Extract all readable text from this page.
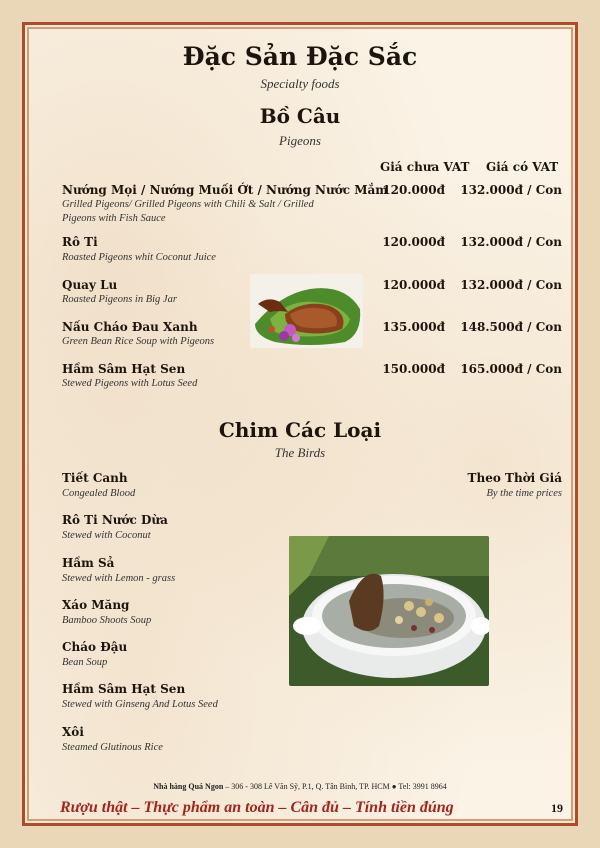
Đặc Sản Đặc Sắc
Specialty foods
Bồ Câu
Pigeons
Giá chưa VAT Giá có VAT
Nướng Mọi / Nướng Muối Ớt / Nướng Nước Mắm
Grilled Pigeons/ Grilled Pigeons with Chili & Salt / Grilled
Pigeons with Fish Sauce
120.000đ 132.000đ / Con
Rô Ti
Roasted Pigeons whit Coconut Juice
120.000đ 132.000đ / Con
Quay Lu
Roasted Pigeons in Big Jar
120.000đ 132.000đ / Con
Nấu Cháo Đau Xanh
Green Bean Rice Soup with Pigeons
135.000đ 148.500đ / Con
Hầm Sâm Hạt Sen
Stewed Pigeons with Lotus Seed
150.000đ 165.000đ / Con
Chim Các Loại
The Birds
Theo Thời Giá
By the time prices
Tiết Canh
Congealed Blood
Rô Ti Nước Dừa
Stewed with Coconut
Hầm Sả
Stewed with Lemon - grass
Xáo Măng
Bamboo Shoots Soup
Cháo Đậu
Bean Soup
Hầm Sâm Hạt Sen
Stewed with Ginseng And Lotus Seed
Xôi
Steamed Glutinous Rice
Nhà hàng Quá Ngon – 306 - 308 Lê Văn Sỹ, P.1, Q. Tân Bình, TP. HCM ● Tel: 3991 8964
Rượu thật – Thực phẩm an toàn – Cân đủ – Tính tiền đúng	19
